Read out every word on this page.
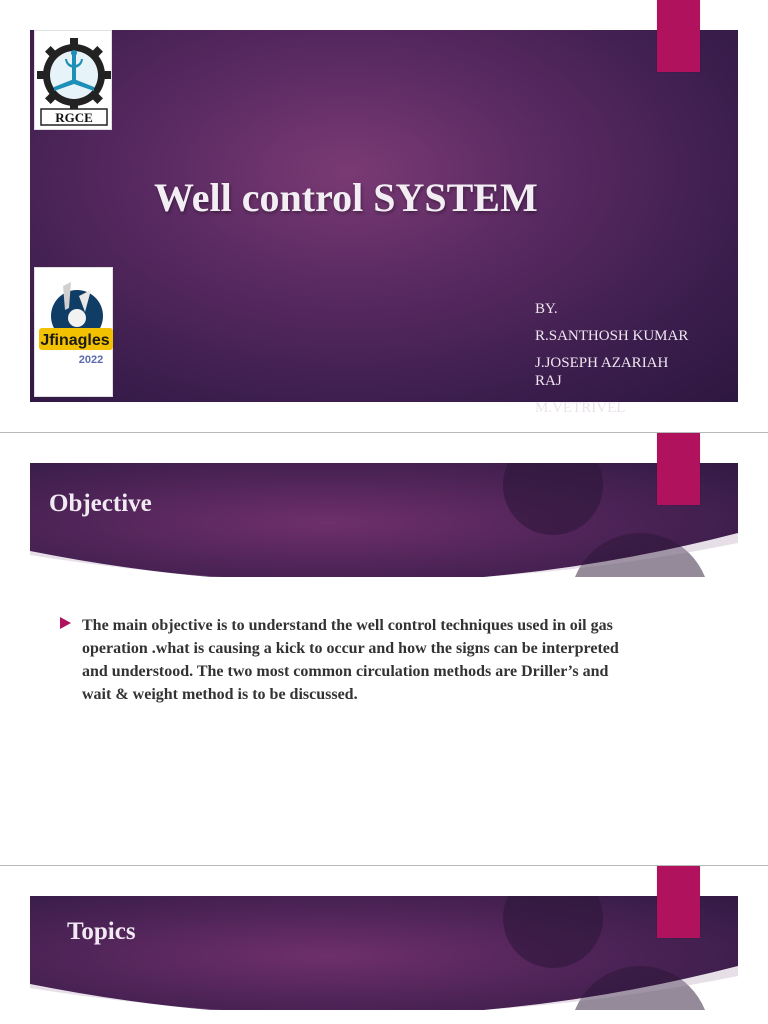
RGCE
Jfinagles
2022
Well control SYSTEM
BY.
R.SANTHOSH KUMAR
J.JOSEPH AZARIAH
RAJ
M.VETRIVEL
Objective
The main objective is to understand the well control techniques used in oil gas operation .what is causing a kick to occur and how the signs can be interpreted and understood. The two most common circulation methods are Driller’s and wait & weight method is to be discussed.
Topics
